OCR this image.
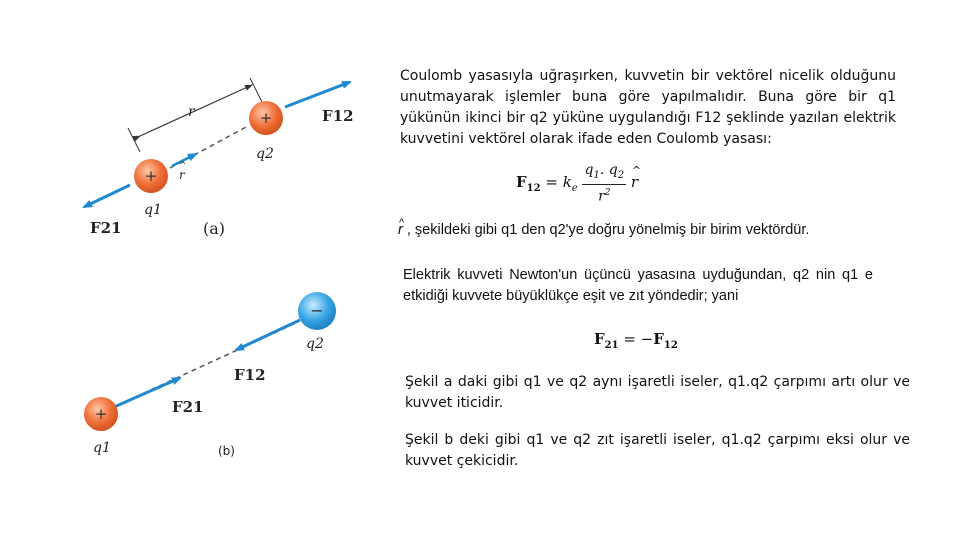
r
+
+
q1
q2
F12
F21
r
^
(a)
+
−
q1
q2
F12
F21
(b)

Coulomb yasasıyla uğraşırken, kuvvetin bir vektörel nicelik olduğunu unutmayarak işlemler buna göre yapılmalıdır. Buna göre bir q1 yükünün ikinci bir q2 yüküne uygulandığı F12 şeklinde yazılan elektrik kuvvetini vektörel olarak ifade eden Coulomb yasası:

$F_{12} = k_e \frac{q_1. q_2}{r^2}$
^ r

^ r , şekildeki gibi q1 den q2'ye doğru yönelmiş bir birim vektördür.

Elektrik kuvveti Newton'un üçüncü yasasına uyduğundan, q2 nin q1 e etkidiği kuvvete büyüklükçe eşit ve zıt yöndedir; yani

$F_{21} = -F_{12}$

Şekil a daki gibi q1 ve q2 aynı işaretli iseler, q1.q2 çarpımı artı olur ve kuvvet iticidir.

Şekil b deki gibi q1 ve q2 zıt işaretli iseler, q1.q2 çarpımı eksi olur ve kuvvet çekicidir.
